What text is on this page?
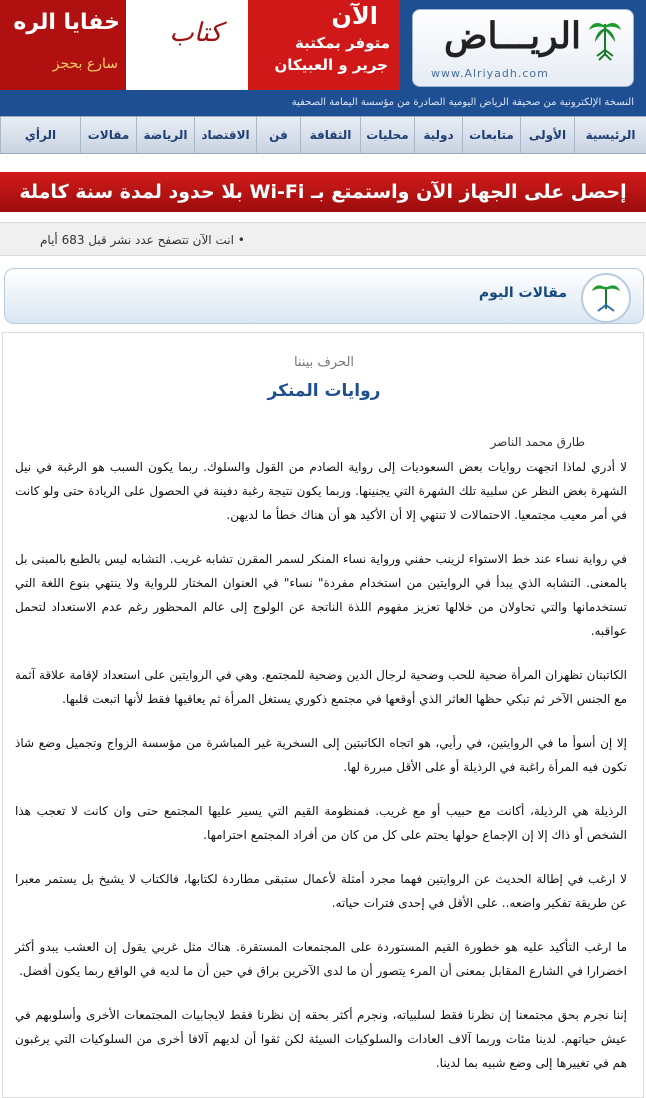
الريـــاض
www.Alriyadh.com
الآن
متوفر بمكتبة
جرير و العبيكان
كتاب
خفايا الره
سارع بحجز
النسخة الإلكترونية من صحيفة الرياض اليومية الصادرة من مؤسسة اليمامة الصحفية
الرئيسية
الأولى
متابعات
دولية
محليات
الثقافة
فن
الاقتصاد
الرياضة
مقالات
الرأي
إحصل على الجهاز الآن واستمتع بـ Wi-Fi بلا حدود لمدة سنة كاملة
• انت الآن تتصفح عدد نشر قبل 683 أيام
مقالات اليوم
الحرف بيننا
روايات المنكر
طارق محمد الناصر

لا أدري لماذا اتجهت روايات بعض السعوديات إلى رواية الصادم من القول والسلوك. ربما يكون السبب هو الرغبة في نيل الشهرة بغض النظر عن سلبية تلك الشهرة التي يجنينها. وربما يكون نتيجة رغبة دفينة في الحصول على الريادة حتى ولو كانت في أمر معيب مجتمعيا. الاحتمالات لا تنتهي إلا أن الأكيد هو أن هناك خطأ ما لديهن.

في رواية نساء عند خط الاستواء لزينب حفني ورواية نساء المنكر لسمر المقرن تشابه غريب. التشابه ليس بالطبع بالمبنى بل بالمعنى. التشابه الذي يبدأ في الروايتين من استخدام مفردة" نساء" في العنوان المختار للرواية ولا ينتهي بنوع اللغة التي تستخدمانها والتي تحاولان من خلالها تعزيز مفهوم اللذة الناتجة عن الولوج إلى عالم المحظور رغم عدم الاستعداد لتحمل عواقبه.

الكاتبتان تظهران المرأة ضحية للحب وضحية لرجال الدين وضحية للمجتمع. وهي في الروايتين على استعداد لإقامة علاقة آثمة مع الجنس الآخر ثم تبكي حظها العاثر الذي أوقعها في مجتمع ذكوري يستغل المرأة ثم يعاقبها فقط لأنها اتبعت قلبها.

إلا إن أسوأ ما في الروايتين، في رأيي، هو اتجاه الكاتبتين إلى السخرية غير المباشرة من مؤسسة الزواج وتجميل وضع شاذ تكون فيه المرأة راغبة في الرذيلة أو على الأقل مبررة لها.

الرذيلة هي الرذيلة، أكانت مع حبيب أو مع غريب. فمنظومة القيم التي يسير عليها المجتمع حتى وان كانت لا تعجب هذا الشخص أو ذاك إلا إن الإجماع حولها يحتم على كل من كان من أفراد المجتمع احترامها.

لا ارغب في إطالة الحديث عن الروايتين فهما مجرد أمثلة لأعمال ستبقى مطاردة لكتابها، فالكتاب لا يشيخ بل يستمر معبرا عن طريقة تفكير واضعه.. على الأقل في إحدى فترات حياته.

ما ارغب التأكيد عليه هو خطورة القيم المستوردة على المجتمعات المستقرة. هناك مثل غربي يقول إن العشب يبدو أكثر اخضرارا في الشارع المقابل بمعنى أن المرء يتصور أن ما لدى الآخرين براق في حين أن ما لديه في الواقع ربما يكون أفضل.

إننا نجرم بحق مجتمعنا إن نظرنا فقط لسلبياته، ونجرم أكثر بحقه إن نظرنا فقط لايجابيات المجتمعات الأخرى وأسلوبهم في عيش حياتهم. لدينا مئات وربما آلاف العادات والسلوكيات السيئة لكن ثقوا أن لديهم آلافا أخرى من السلوكيات التي يرغبون هم في تغييرها إلى وضع شبيه بما لدينا.
